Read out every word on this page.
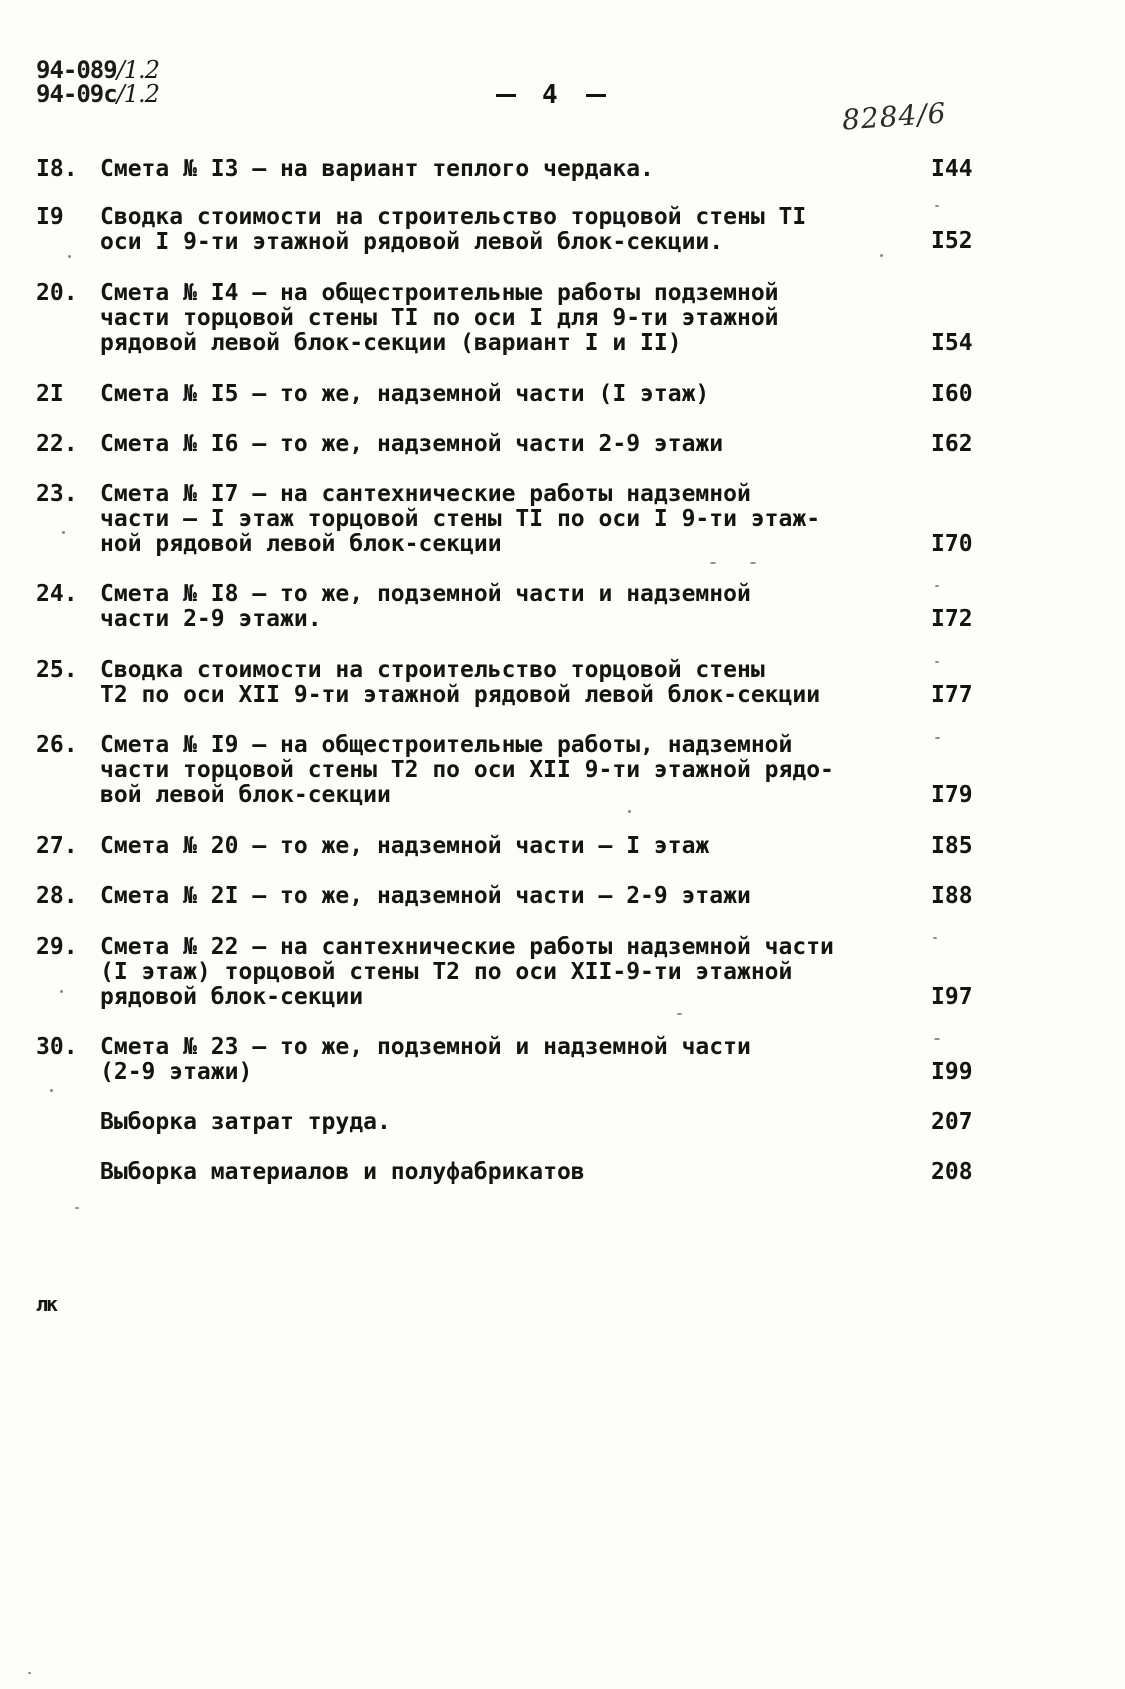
94-089/1.2
94-09c/1.2	4
8284/6
I8. Смета № I3 – на вариант теплого чердака.	I44
I9	Сводка стоимости на строительство торцовой стены TI
оси I 9-ти этажной рядовой левой блок-секции.	I52
20. Смета № I4 – на общестроительные работы подземной
части торцовой стены TI по оси I для 9-ти этажной
рядовой левой блок-секции (вариант I и II)	I54
2I	Смета № I5 – то же, надземной части (I этаж)	I60
22. Смета № I6 – то же, надземной части 2-9 этажи	I62
23. Смета № I7 – на сантехнические работы надземной
части – I этаж торцовой стены TI по оси I 9-ти этаж-
ной рядовой левой блок-секции	I70
24. Смета № I8 – то же, подземной части и надземной
части 2-9 этажи.	I72
25. Сводка стоимости на строительство торцовой стены
T2 по оси XII 9-ти этажной рядовой левой блок-секции	I77
26. Смета № I9 – на общестроительные работы, надземной
части торцовой стены T2 по оси XII 9-ти этажной рядо-
вой левой блок-секции	I79
27. Смета № 20 – то же, надземной части – I этаж	I85
28. Смета № 2I – то же, надземной части – 2-9 этажи	I88
29. Смета № 22 – на сантехнические работы надземной части
(I этаж) торцовой стены T2 по оси XII-9-ти этажной
рядовой блок-секции	I97
30. Смета № 23 – то же, подземной и надземной части
(2-9 этажи)	I99
Выборка затрат труда.	207
Выборка материалов и полуфабрикатов	208
лк
